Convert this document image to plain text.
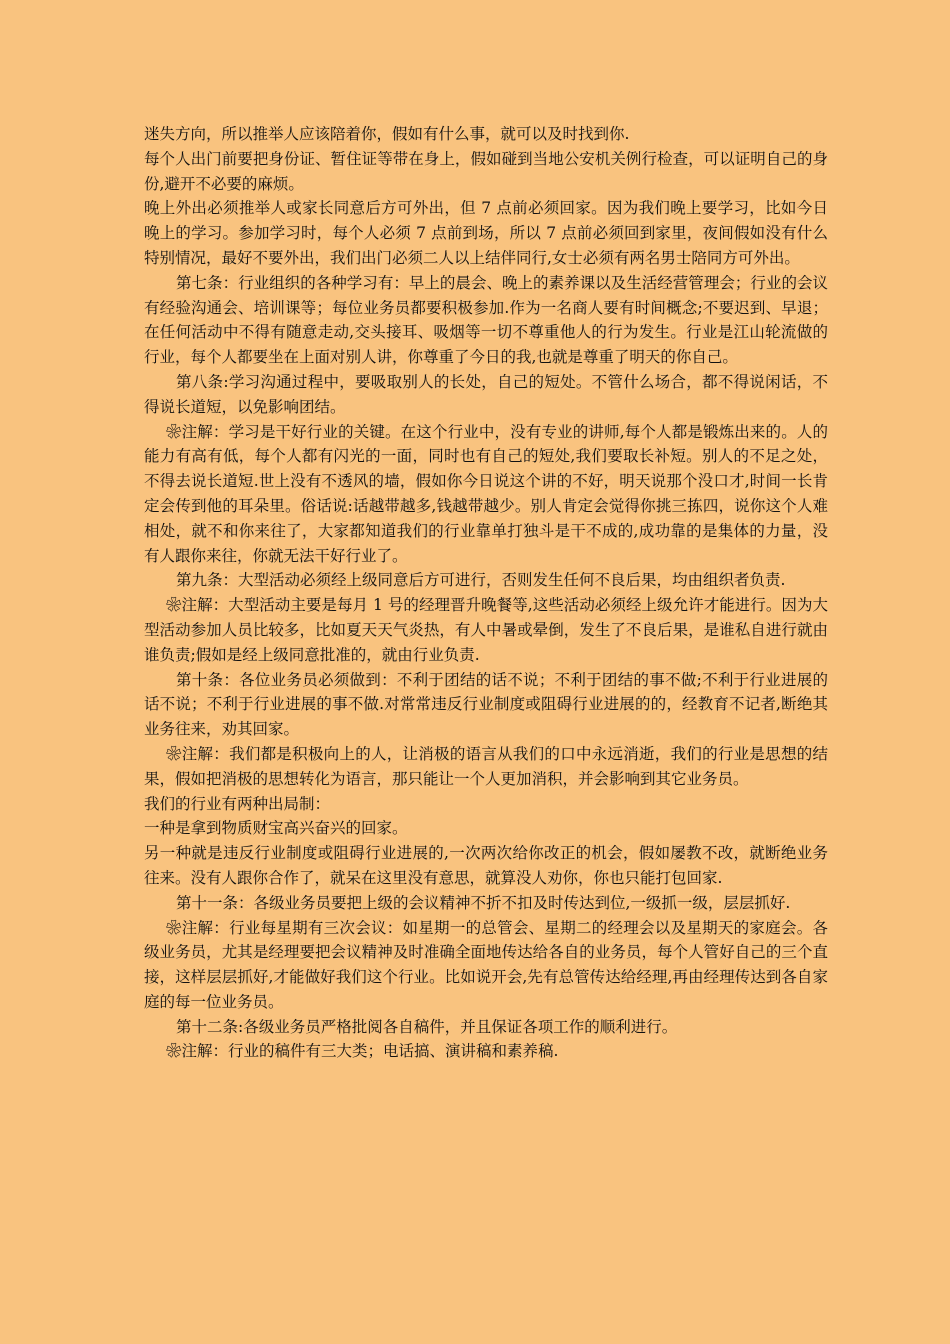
迷失方向，所以推举人应该陪着你，假如有什么事，就可以及时找到你.

每个人出门前要把身份证、暂住证等带在身上，假如碰到当地公安机关例行检查，可以证明自己的身份,避开不必要的麻烦。

晚上外出必须推举人或家长同意后方可外出，但 7 点前必须回家。因为我们晚上要学习，比如今日晚上的学习。参加学习时，每个人必须 7 点前到场，所以 7 点前必须回到家里，夜间假如没有什么特别情况，最好不要外出，我们出门必须二人以上结伴同行,女士必须有两名男士陪同方可外出。

第七条：行业组织的各种学习有：早上的晨会、晚上的素养课以及生活经营管理会；行业的会议有经验沟通会、培训课等；每位业务员都要积极参加.作为一名商人要有时间概念;不要迟到、早退；在任何活动中不得有随意走动,交头接耳、吸烟等一切不尊重他人的行为发生。行业是江山轮流做的行业，每个人都要坐在上面对别人讲，你尊重了今日的我,也就是尊重了明天的你自己。

第八条:学习沟通过程中，要吸取别人的长处，自己的短处。不管什么场合，都不得说闲话，不得说长道短，以免影响团结。

❀注解：学习是干好行业的关键。在这个行业中，没有专业的讲师,每个人都是锻炼出来的。人的能力有高有低，每个人都有闪光的一面，同时也有自己的短处,我们要取长补短。别人的不足之处，不得去说长道短.世上没有不透风的墙，假如你今日说这个讲的不好，明天说那个没口才,时间一长肯定会传到他的耳朵里。俗话说:话越带越多,钱越带越少。别人肯定会觉得你挑三拣四，说你这个人难相处，就不和你来往了，大家都知道我们的行业靠单打独斗是干不成的,成功靠的是集体的力量，没有人跟你来往，你就无法干好行业了。

第九条：大型活动必须经上级同意后方可进行，否则发生任何不良后果，均由组织者负责.

❀注解：大型活动主要是每月 1 号的经理晋升晚餐等,这些活动必须经上级允许才能进行。因为大型活动参加人员比较多，比如夏天天气炎热，有人中暑或晕倒，发生了不良后果，是谁私自进行就由谁负责;假如是经上级同意批准的，就由行业负责.

第十条：各位业务员必须做到：不利于团结的话不说；不利于团结的事不做;不利于行业进展的话不说；不利于行业进展的事不做.对常常违反行业制度或阻碍行业进展的的，经教育不记者,断绝其业务往来，劝其回家。

❀注解：我们都是积极向上的人，让消极的语言从我们的口中永远消逝，我们的行业是思想的结果，假如把消极的思想转化为语言，那只能让一个人更加消积，并会影响到其它业务员。

我们的行业有两种出局制：

一种是拿到物质财宝高兴奋兴的回家。

另一种就是违反行业制度或阻碍行业进展的,一次两次给你改正的机会，假如屡教不改，就断绝业务往来。没有人跟你合作了，就呆在这里没有意思，就算没人劝你，你也只能打包回家.

第十一条：各级业务员要把上级的会议精神不折不扣及时传达到位,一级抓一级，层层抓好.

❀注解：行业每星期有三次会议：如星期一的总管会、星期二的经理会以及星期天的家庭会。各级业务员，尤其是经理要把会议精神及时准确全面地传达给各自的业务员，每个人管好自己的三个直接，这样层层抓好,才能做好我们这个行业。比如说开会,先有总管传达给经理,再由经理传达到各自家庭的每一位业务员。

第十二条:各级业务员严格批阅各自稿件，并且保证各项工作的顺利进行。

❀注解：行业的稿件有三大类；电话搞、演讲稿和素养稿.
